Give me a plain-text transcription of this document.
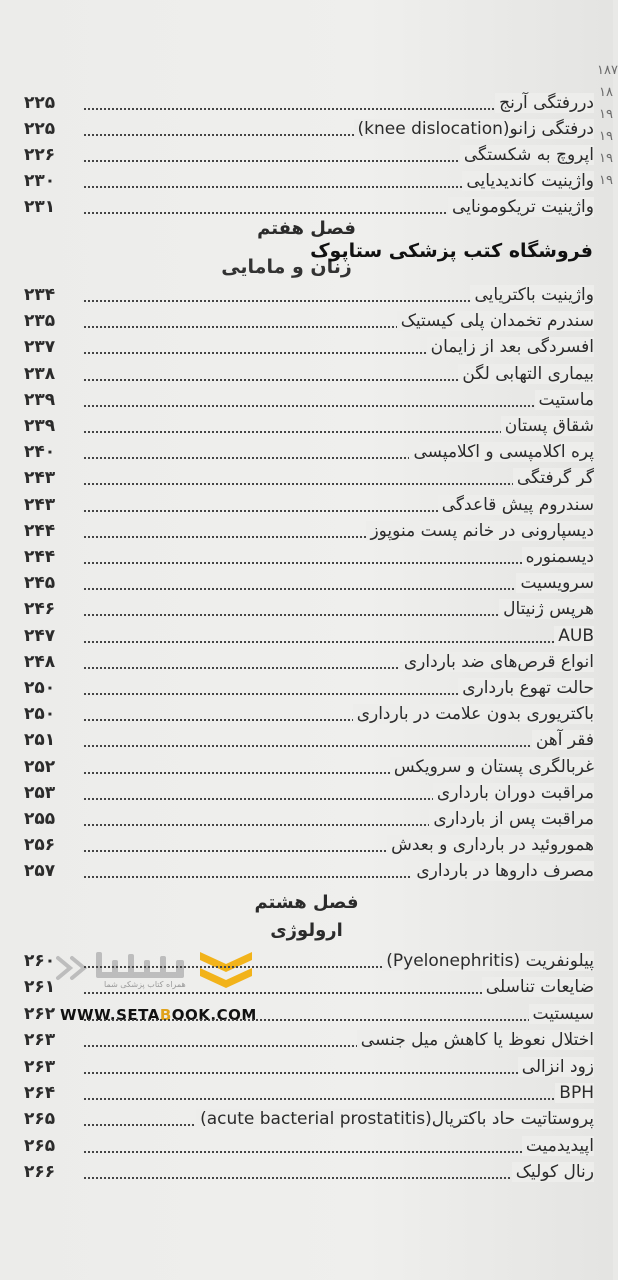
۱۸۷
۱۸
۱۹
۱۹
۱۹
۱۹
دررفتگی آرنج
۲۲۵
درفتگی زانو(knee dislocation)
۲۲۵
اپروچ به شکستگی
۲۲۶
واژینیت کاندیدیایی
۲۳۰
واژینیت تریکومونایی
۲۳۱
فصل هفتم
زنان و مامایی
فروشگاه کتب پزشکی ستاپوک
واژینیت باکتریایی
۲۳۴
سندرم تخمدان پلی کیستیک
۲۳۵
افسردگی بعد از زایمان
۲۳۷
بیماری التهابی لگن
۲۳۸
ماستیت
۲۳۹
شقاق پستان
۲۳۹
پره اکلامپسی و اکلامپسی
۲۴۰
گر گرفتگی
۲۴۳
سندروم پیش قاعدگی
۲۴۳
دیسپارونی در خانم پست منوپوز
۲۴۴
دیسمنوره
۲۴۴
سرویسیت
۲۴۵
هرپس ژنیتال
۲۴۶
AUB
۲۴۷
انواع قرص‌های ضد بارداری
۲۴۸
حالت تهوع بارداری
۲۵۰
باکتریوری بدون علامت در بارداری
۲۵۰
فقر آهن
۲۵۱
غربالگری پستان و سرویکس
۲۵۲
مراقبت دوران بارداری
۲۵۳
مراقبت پس از بارداری
۲۵۵
هموروئید در بارداری و بعدش
۲۵۶
مصرف داروها در بارداری
۲۵۷
فصل هشتم
ارولوژی
همراه کتاب پزشکی شما
WWW.SETABOOK.COM
پیلونفریت (Pyelonephritis)
۲۶۰
ضایعات تناسلی
۲۶۱
سیستیت
۲۶۲
اختلال نعوظ یا کاهش میل جنسی
۲۶۳
زود انزالی
۲۶۳
BPH
۲۶۴
پروستاتیت حاد باکتریال(acute bacterial prostatitis)
۲۶۵
اپیدیدمیت
۲۶۵
رنال کولیک
۲۶۶
